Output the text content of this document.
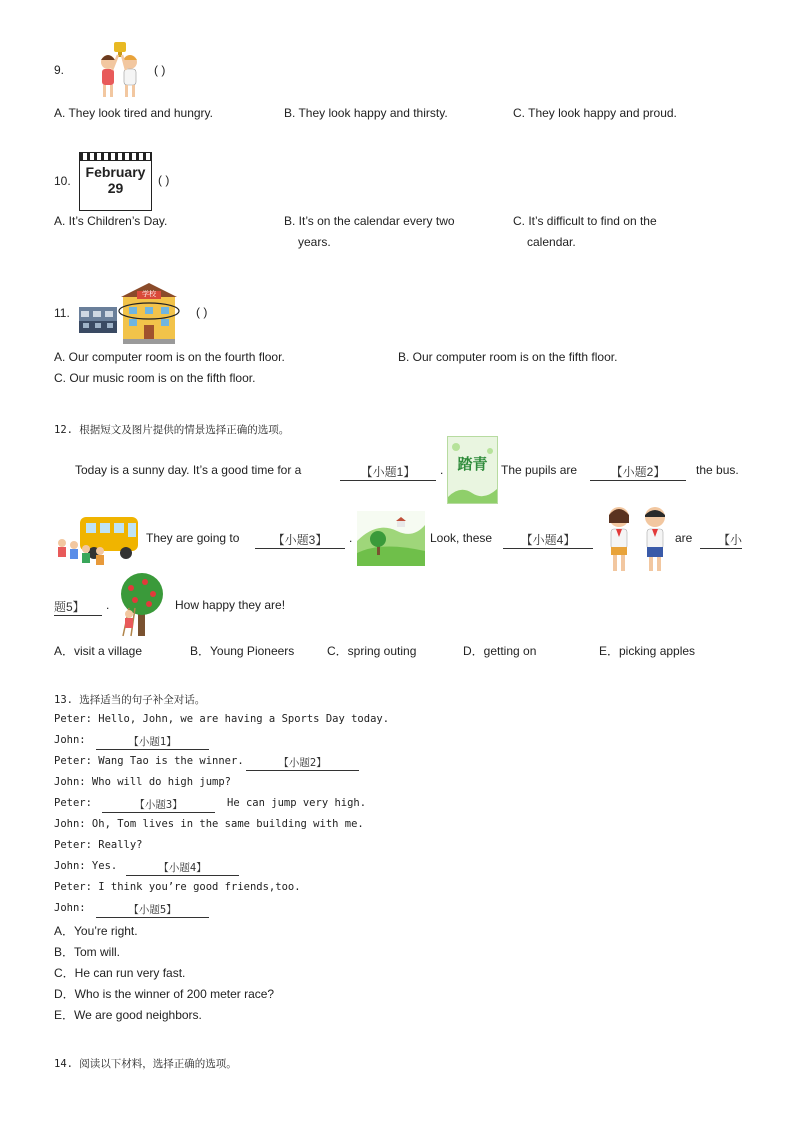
9.	( )
A. They look tired and hungry.	B. They look happy and thirsty.	C. They look happy and proud.
10.
February
29	( )
A. It’s Children’s Day.	B. It’s on the calendar every two
years.
C. It’s difficult to find on the
calendar.
11.
学校
( )
A. Our computer room is on the fourth floor.	B. Our computer room is on the fifth floor.
C. Our music room is on the fifth floor.
12. 根据短文及图片提供的情景选择正确的选项。
Today is a sunny day. It’s a good time for a	【小题1】	. 踏青 The pupils are	【小题2】	the bus.
They are going to	【小题3】	.	Look, these	【小题4】	are	【小
题5】	.	How happy they are!
A．visit a village	B．Young Pioneers	C．spring outing	D．getting on	E．picking apples
13. 选择适当的句子补全对话。
Peter: Hello, John, we are having a Sports Day today.
John:	【小题1】
Peter: Wang Tao is the winner.	【小题2】
John: Who will do high jump?
Peter:	【小题3】	He can jump very high.
John: Oh, Tom lives in the same building with me.
Peter: Really?
John: Yes.	【小题4】
Peter: I think you’re good friends,too.
John:	【小题5】
A．You’re right.
B．Tom will.
C．He can run very fast.
D．Who is the winner of 200 meter race?
E．We are good neighbors.
14. 阅读以下材料，选择正确的选项。
